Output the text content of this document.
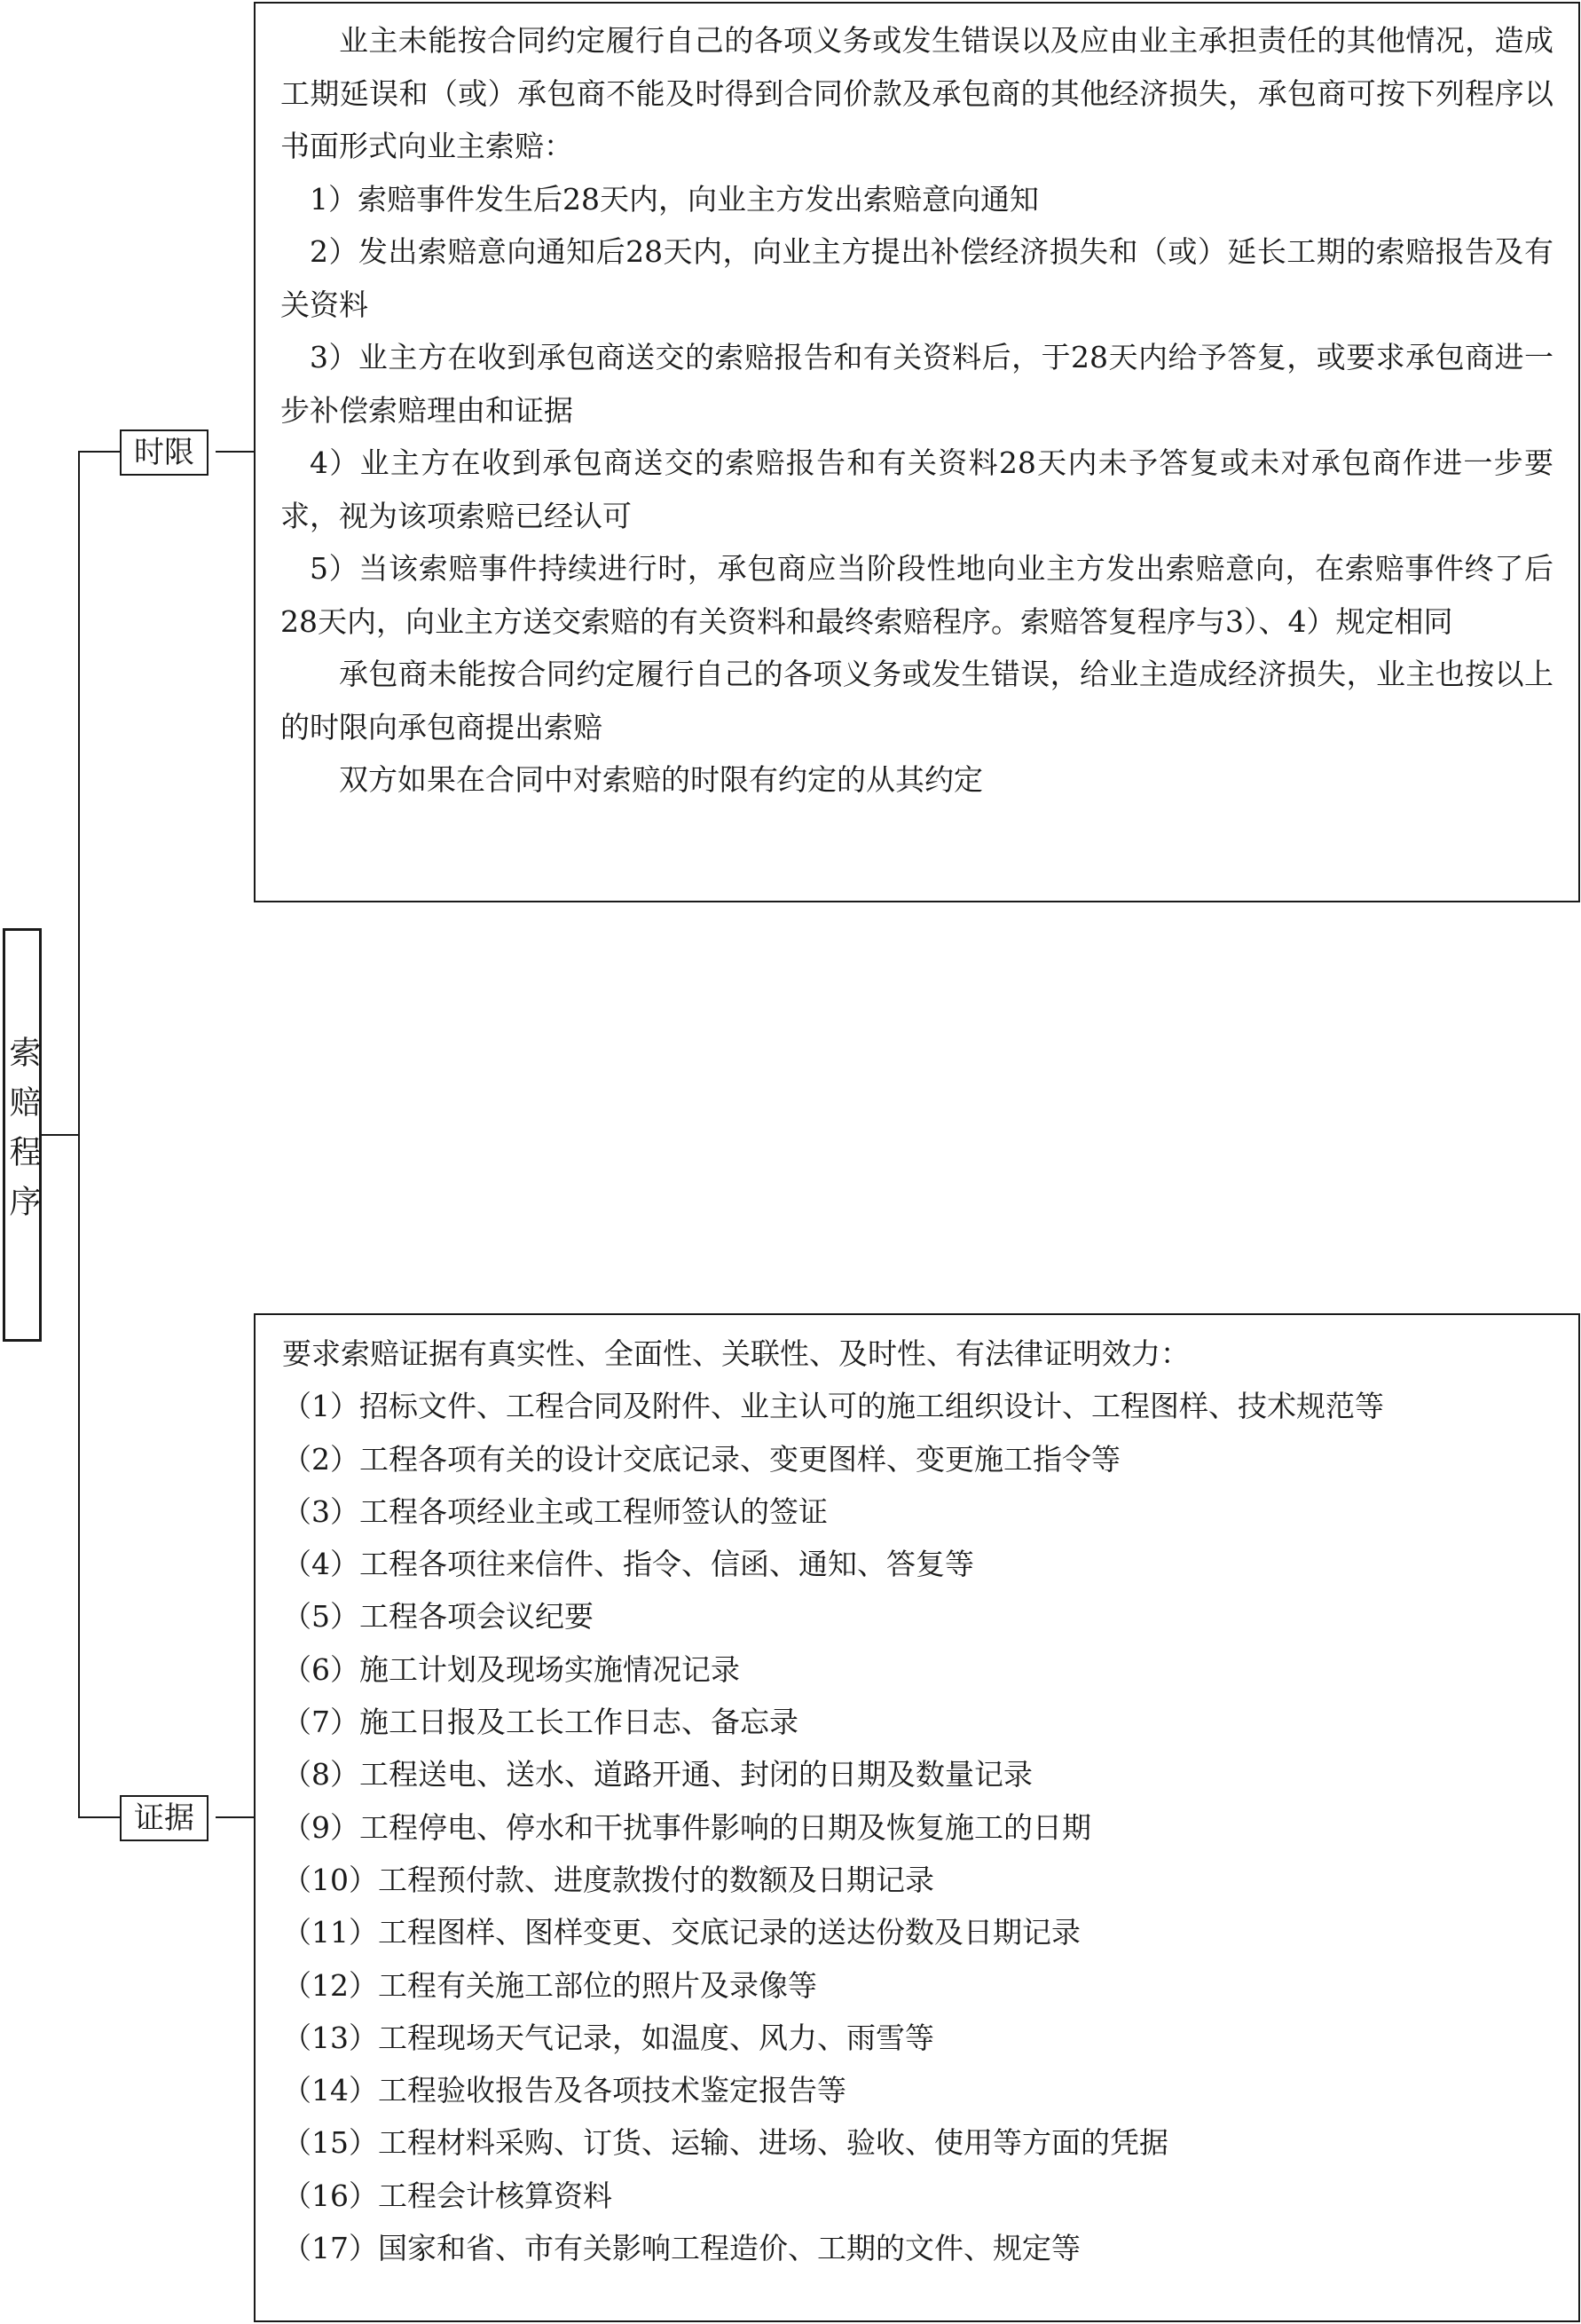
索赔程序
时限
证据

业主未能按合同约定履行自己的各项义务或发生错误以及应由业主承担责任的其他情况，造成工期延误和（或）承包商不能及时得到合同价款及承包商的其他经济损失，承包商可按下列程序以书面形式向业主索赔：

1）索赔事件发生后28天内，向业主方发出索赔意向通知

2）发出索赔意向通知后28天内，向业主方提出补偿经济损失和（或）延长工期的索赔报告及有关资料

3）业主方在收到承包商送交的索赔报告和有关资料后，于28天内给予答复，或要求承包商进一步补偿索赔理由和证据

4）业主方在收到承包商送交的索赔报告和有关资料28天内未予答复或未对承包商作进一步要求，视为该项索赔已经认可

5）当该索赔事件持续进行时，承包商应当阶段性地向业主方发出索赔意向，在索赔事件终了后28天内，向业主方送交索赔的有关资料和最终索赔程序。索赔答复程序与3）、4）规定相同

承包商未能按合同约定履行自己的各项义务或发生错误，给业主造成经济损失，业主也按以上的时限向承包商提出索赔

双方如果在合同中对索赔的时限有约定的从其约定

要求索赔证据有真实性、全面性、关联性、及时性、有法律证明效力：

（1）招标文件、工程合同及附件、业主认可的施工组织设计、工程图样、技术规范等

（2）工程各项有关的设计交底记录、变更图样、变更施工指令等

（3）工程各项经业主或工程师签认的签证

（4）工程各项往来信件、指令、信函、通知、答复等

（5）工程各项会议纪要

（6）施工计划及现场实施情况记录

（7）施工日报及工长工作日志、备忘录

（8）工程送电、送水、道路开通、封闭的日期及数量记录

（9）工程停电、停水和干扰事件影响的日期及恢复施工的日期

（10）工程预付款、进度款拨付的数额及日期记录

（11）工程图样、图样变更、交底记录的送达份数及日期记录

（12）工程有关施工部位的照片及录像等

（13）工程现场天气记录，如温度、风力、雨雪等

（14）工程验收报告及各项技术鉴定报告等

（15）工程材料采购、订货、运输、进场、验收、使用等方面的凭据

（16）工程会计核算资料

（17）国家和省、市有关影响工程造价、工期的文件、规定等
